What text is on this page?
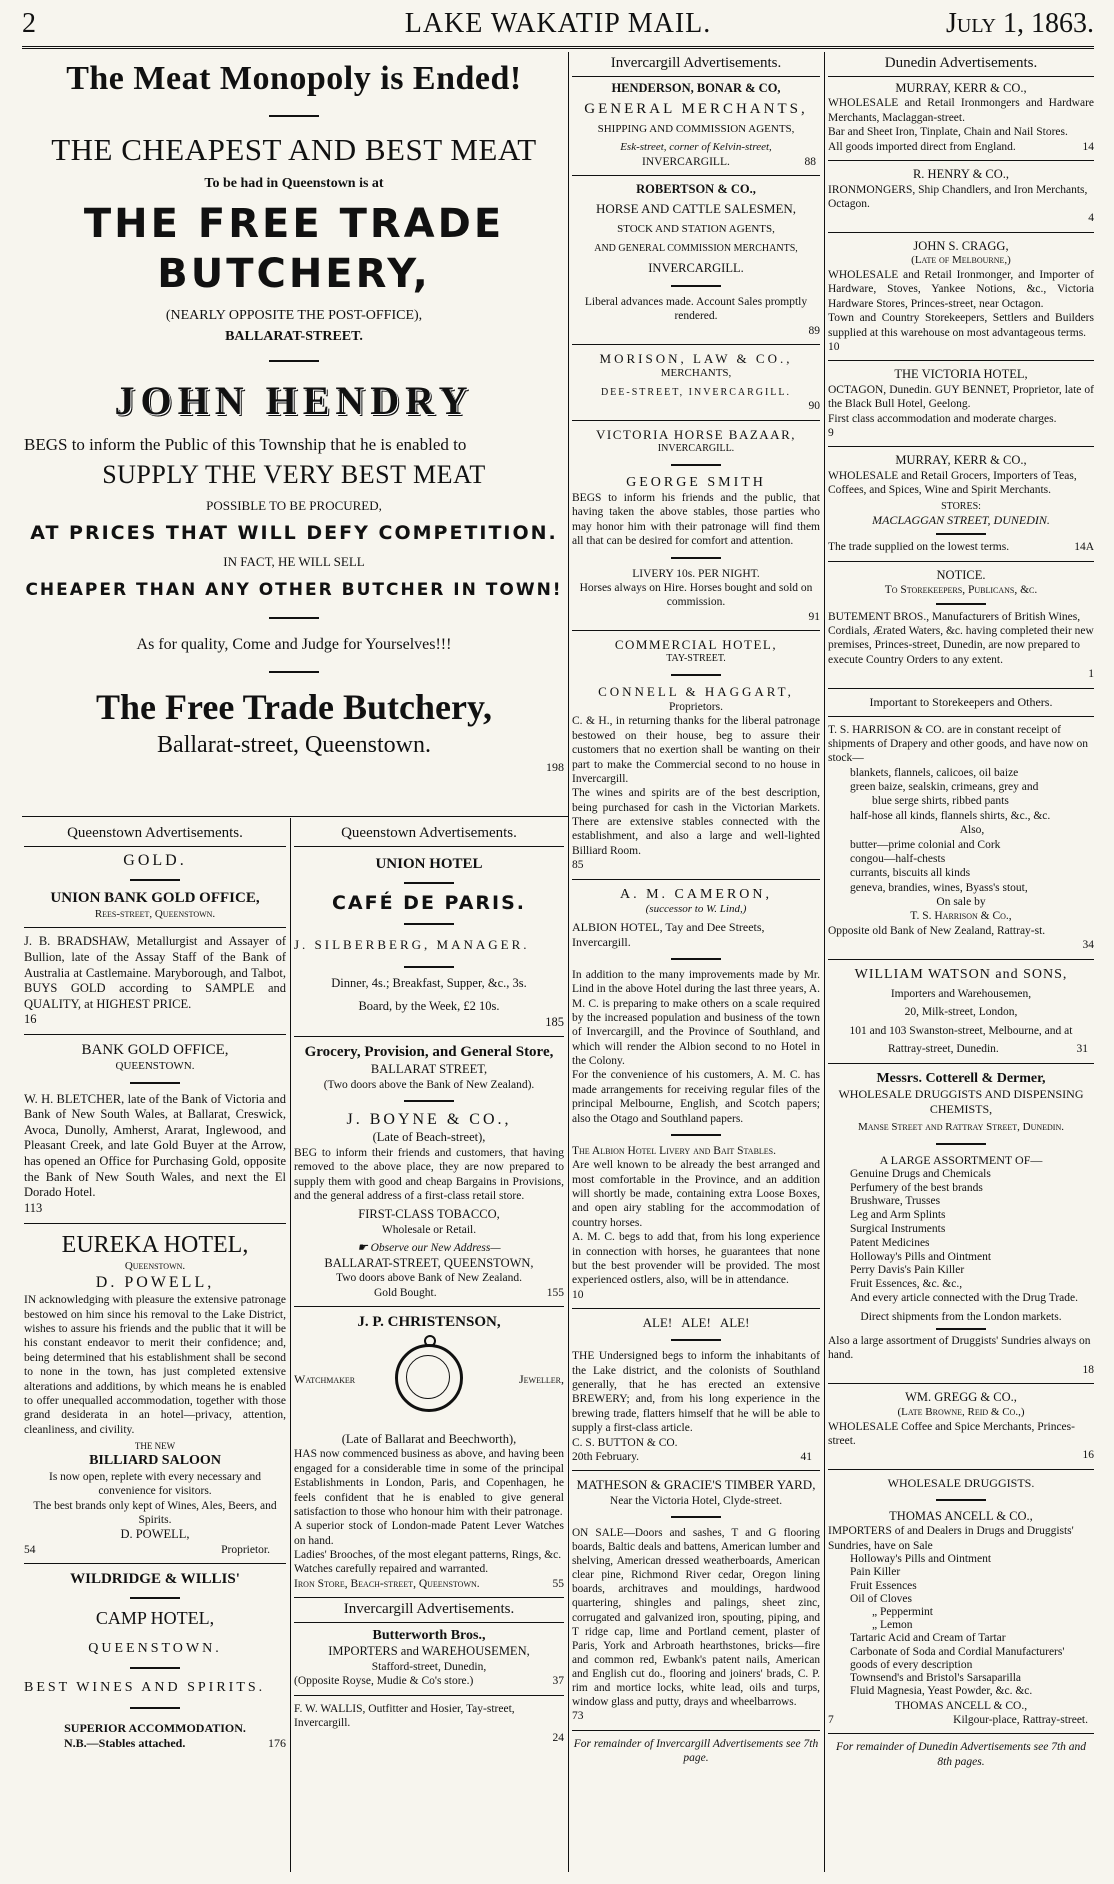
LAKE WAKATIP MAIL.
2	July 1, 1863.
The Meat Monopoly is Ended!

THE CHEAPEST AND BEST MEAT

To be had in Queenstown is at

THE FREE TRADE BUTCHERY,

(NEARLY OPPOSITE THE POST-OFFICE),

BALLARAT-STREET.

JOHN HENDRY

BEGS to inform the Public of this Township that he is enabled to

SUPPLY THE VERY BEST MEAT

POSSIBLE TO BE PROCURED,

AT PRICES THAT WILL DEFY COMPETITION.

IN FACT, HE WILL SELL

CHEAPER THAN ANY OTHER BUTCHER IN TOWN!

As for quality, Come and Judge for Yourselves!!!

The Free Trade Butchery,

Ballarat-street, Queenstown.

198

Queenstown Advertisements.

GOLD.

UNION BANK GOLD OFFICE,

Rees-street, Queenstown.

J. B. BRADSHAW, Metallurgist and Assayer of Bullion, late of the Assay Staff of the Bank of Australia at Castlemaine. Maryborough, and Talbot, BUYS GOLD according to SAMPLE and QUALITY, at HIGHEST PRICE.

16

BANK GOLD OFFICE,

QUEENSTOWN.

W. H. BLETCHER, late of the Bank of Victoria and Bank of New South Wales, at Ballarat, Creswick, Avoca, Dunolly, Amherst, Ararat, Inglewood, and Pleasant Creek, and late Gold Buyer at the Arrow, has opened an Office for Purchasing Gold, opposite the Bank of New South Wales, and next the El Dorado Hotel.

113

EUREKA HOTEL,

Queenstown.

D. POWELL,

IN acknowledging with pleasure the extensive patronage bestowed on him since his removal to the Lake District, wishes to assure his friends and the public that it will be his constant endeavor to merit their confidence; and, being determined that his establishment shall be second to none in the town, has just completed extensive alterations and additions, by which means he is enabled to offer unequalled accommodation, together with those grand desiderata in an hotel—privacy, attention, cleanliness, and civility.

THE NEW

BILLIARD SALOON

Is now open, replete with every necessary and convenience for visitors.

The best brands only kept of Wines, Ales, Beers, and Spirits.

D. POWELL,

54	Proprietor.

WILDRIDGE & WILLIS'

CAMP HOTEL,

QUEENSTOWN.

BEST WINES AND SPIRITS.

SUPERIOR ACCOMMODATION.

N.B.—Stables attached.	176

Queenstown Advertisements.

UNION HOTEL

CAFÉ DE PARIS.

J. SILBERBERG, MANAGER.

Dinner, 4s.; Breakfast, Supper, &c., 3s.

Board, by the Week, £2 10s.

185

Grocery, Provision, and General Store,

BALLARAT STREET,

(Two doors above the Bank of New Zealand).

J. BOYNE & CO.,

(Late of Beach-street),

BEG to inform their friends and customers, that having removed to the above place, they are now prepared to supply them with good and cheap Bargains in Provisions, and the general address of a first-class retail store.

FIRST-CLASS TOBACCO,

Wholesale or Retail.

☛ Observe our New Address—

BALLARAT-STREET, QUEENSTOWN,

Two doors above Bank of New Zealand.

Gold Bought.	155

J. P. CHRISTENSON,

Watchmaker	Jeweller,

(Late of Ballarat and Beechworth),

HAS now commenced business as above, and having been engaged for a considerable time in some of the principal Establishments in London, Paris, and Copenhagen, he feels confident that he is enabled to give general satisfaction to those who honour him with their patronage.

A superior stock of London-made Patent Lever Watches on hand.

Ladies' Brooches, of the most elegant patterns, Rings, &c.

Watches carefully repaired and warranted.

Iron Store, Beach-street, Queenstown.	55

Invercargill Advertisements.

Butterworth Bros.,

IMPORTERS and WAREHOUSEMEN,

Stafford-street, Dunedin,

(Opposite Royse, Mudie & Co's store.)	37

F. W. WALLIS, Outfitter and Hosier, Tay-street, Invercargill.

24

Invercargill Advertisements.

HENDERSON, BONAR & CO,

GENERAL MERCHANTS,

SHIPPING AND COMMISSION AGENTS,

Esk-street, corner of Kelvin-street,

INVERCARGILL.	88

ROBERTSON & CO.,

HORSE AND CATTLE SALESMEN,

STOCK AND STATION AGENTS,

AND GENERAL COMMISSION MERCHANTS,

INVERCARGILL.

Liberal advances made. Account Sales promptly rendered.

89

MORISON, LAW & CO.,

MERCHANTS,

DEE-STREET, INVERCARGILL.

90

VICTORIA HORSE BAZAAR,

INVERCARGILL.

GEORGE SMITH

BEGS to inform his friends and the public, that having taken the above stables, those parties who may honor him with their patronage will find them all that can be desired for comfort and attention.

LIVERY 10s. PER NIGHT.

Horses always on Hire. Horses bought and sold on commission.

91

COMMERCIAL HOTEL,

TAY-STREET.

CONNELL & HAGGART,

Proprietors.

C. & H., in returning thanks for the liberal patronage bestowed on their house, beg to assure their customers that no exertion shall be wanting on their part to make the Commercial second to no house in Invercargill.

The wines and spirits are of the best description, being purchased for cash in the Victorian Markets. There are extensive stables connected with the establishment, and also a large and well-lighted Billiard Room.

85

A. M. CAMERON,

(successor to W. Lind,)

ALBION HOTEL, Tay and Dee Streets, Invercargill.

In addition to the many improvements made by Mr. Lind in the above Hotel during the last three years, A. M. C. is preparing to make others on a scale required by the increased population and business of the town of Invercargill, and the Province of Southland, and which will render the Albion second to no Hotel in the Colony.

For the convenience of his customers, A. M. C. has made arrangements for receiving regular files of the principal Melbourne, English, and Scotch papers; also the Otago and Southland papers.

The Albion Hotel Livery and Bait Stables.

Are well known to be already the best arranged and most comfortable in the Province, and an addition will shortly be made, containing extra Loose Boxes, and open airy stabling for the accommodation of country horses.

A. M. C. begs to add that, from his long experience in connection with horses, he guarantees that none but the best provender will be provided. The most experienced ostlers, also, will be in attendance.

10

ALE!   ALE!   ALE!

THE Undersigned begs to inform the inhabitants of the Lake district, and the colonists of Southland generally, that he has erected an extensive BREWERY; and, from his long experience in the brewing trade, flatters himself that he will be able to supply a first-class article.

C. S. BUTTON & CO.

20th February.	41

MATHESON & GRACIE'S TIMBER YARD,

Near the Victoria Hotel, Clyde-street.

ON SALE—Doors and sashes, T and G flooring boards, Baltic deals and battens, American lumber and shelving, American dressed weatherboards, American clear pine, Richmond River cedar, Oregon lining boards, architraves and mouldings, hardwood quartering, shingles and palings, sheet zinc, corrugated and galvanized iron, spouting, piping, and T ridge cap, lime and Portland cement, plaster of Paris, York and Arbroath hearthstones, bricks—fire and common red, Ewbank's patent nails, American and English cut do., flooring and joiners' brads, C. P. rim and mortice locks, white lead, oils and turps, window glass and putty, drays and wheelbarrows.

73

For remainder of Invercargill Advertisements see 7th page.

Dunedin Advertisements.

MURRAY, KERR & CO.,

WHOLESALE and Retail Ironmongers and Hardware Merchants, Maclaggan-street.

Bar and Sheet Iron, Tinplate, Chain and Nail Stores.

All goods imported direct from England.	14

R. HENRY & CO.,

IRONMONGERS, Ship Chandlers, and Iron Merchants, Octagon.

4

JOHN S. CRAGG,

(Late of Melbourne,)

WHOLESALE and Retail Ironmonger, and Importer of Hardware, Stoves, Yankee Notions, &c., Victoria Hardware Stores, Princes-street, near Octagon.

Town and Country Storekeepers, Settlers and Builders supplied at this warehouse on most advantageous terms.

10

THE VICTORIA HOTEL,

OCTAGON, Dunedin. GUY BENNET, Proprietor, late of the Black Bull Hotel, Geelong.

First class accommodation and moderate charges.

9

MURRAY, KERR & CO.,

WHOLESALE and Retail Grocers, Importers of Teas, Coffees, and Spices, Wine and Spirit Merchants.

STORES:

MACLAGGAN STREET, DUNEDIN.

The trade supplied on the lowest terms.	14A

NOTICE.

To Storekeepers, Publicans, &c.

BUTEMENT BROS., Manufacturers of British Wines, Cordials, Ærated Waters, &c. having completed their new premises, Princes-street, Dunedin, are now prepared to execute Country Orders to any extent.

1

Important to Storekeepers and Others.

T. S. HARRISON & CO. are in constant receipt of shipments of Drapery and other goods, and have now on stock—

blankets, flannels, calicoes, oil baize

green baize, sealskin, crimeans, grey and

blue serge shirts, ribbed pants

half-hose all kinds, flannels shirts, &c., &c.

Also,

butter—prime colonial and Cork

congou—half-chests

currants, biscuits all kinds

geneva, brandies, wines, Byass's stout,

On sale by

T. S. Harrison & Co.,

Opposite old Bank of New Zealand, Rattray-st.

34

WILLIAM WATSON and SONS,

Importers and Warehousemen,

20, Milk-street, London,

101 and 103 Swanston-street, Melbourne, and at

Rattray-street, Dunedin.	31

Messrs. Cotterell & Dermer,

WHOLESALE DRUGGISTS AND DISPENSING CHEMISTS,

Manse Street and Rattray Street, Dunedin.

A LARGE ASSORTMENT OF—

Genuine Drugs and Chemicals

Perfumery of the best brands

Brushware, Trusses

Leg and Arm Splints

Surgical Instruments

Patent Medicines

Holloway's Pills and Ointment

Perry Davis's Pain Killer

Fruit Essences, &c. &c.,

And every article connected with the Drug Trade.

Direct shipments from the London markets.

Also a large assortment of Druggists' Sundries always on hand.

18

WM. GREGG & CO.,

(Late Browne, Reid & Co.,)

WHOLESALE Coffee and Spice Merchants, Princes-street.

16

WHOLESALE DRUGGISTS.

THOMAS ANCELL & CO.,

IMPORTERS of and Dealers in Drugs and Druggists' Sundries, have on Sale

Holloway's Pills and Ointment

Pain Killer

Fruit Essences

Oil of Cloves

„ Peppermint

„ Lemon

Tartaric Acid and Cream of Tartar

Carbonate of Soda and Cordial Manufacturers' goods of every description

Townsend's and Bristol's Sarsaparilla

Fluid Magnesia, Yeast Powder, &c. &c.

THOMAS ANCELL & CO.,

7	Kilgour-place, Rattray-street.

For remainder of Dunedin Advertisements see 7th and 8th pages.
